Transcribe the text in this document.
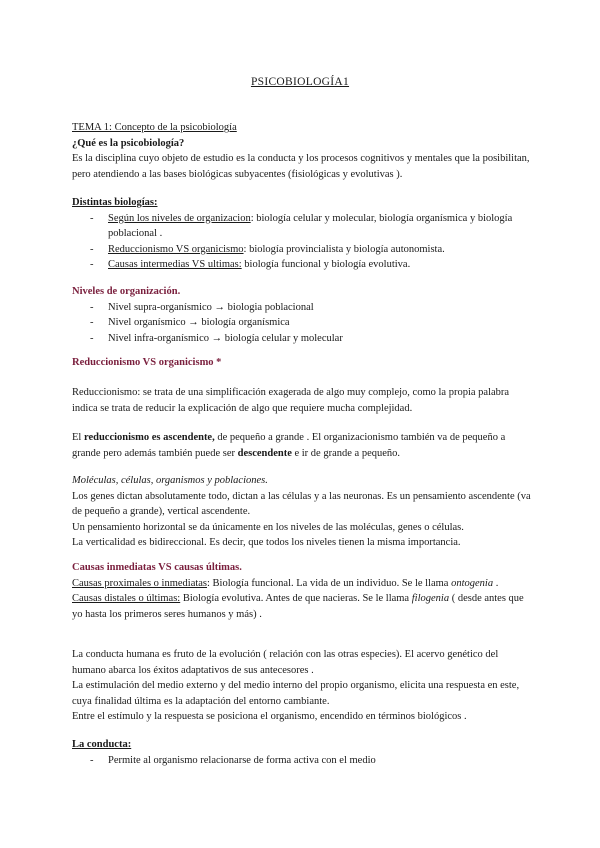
PSICOBIOLOGÍA1

TEMA 1: Concepto de la psicobiología

¿Qué es la psicobiología?

Es la disciplina cuyo objeto de estudio es la conducta y los procesos cognitivos y mentales que la posibilitan, pero atendiendo a las bases biológicas subyacentes (fisiológicas y evolutivas ).

Distintas biologías:

- Según los niveles de organizacion: biología celular y molecular, biología organísmica y biología poblacional .
- Reduccionismo VS organicismo: biología provincialista y biología autonomista.
- Causas intermedias VS ultimas: biología funcional y biología evolutiva.

Niveles de organización.

- Nivel supra-organísmico → biologia poblacional
- Nivel organísmico → biología organísmica
- Nivel infra-organísmico → biología celular y molecular

Reduccionismo VS organicismo *

Reduccionismo: se trata de una simplificación exagerada de algo muy complejo, como la propia palabra indica se trata de reducir la explicación de algo que requiere mucha complejidad.

El reduccionismo es ascendente, de pequeño a grande . El organizacionismo también va de pequeño a grande pero además también puede ser descendente e ir de grande a pequeño.

Moléculas, células, organismos y poblaciones.

Los genes dictan absolutamente todo, dictan a las células y a las neuronas. Es un pensamiento ascendente (va de pequeño a grande), vertical ascendente.

Un pensamiento horizontal se da únicamente en los niveles de las moléculas, genes o células.

La verticalidad es bidireccional. Es decir, que todos los niveles tienen la misma importancia.

Causas inmediatas VS causas últimas.

Causas proximales o inmediatas: Biología funcional. La vida de un individuo. Se le llama ontogenia .

Causas distales o últimas: Biología evolutiva. Antes de que nacieras. Se le llama filogenia ( desde antes que yo hasta los primeros seres humanos y más) .

La conducta humana es fruto de la evolución ( relación con las otras especies). El acervo genético del humano abarca los éxitos adaptativos de sus antecesores .

La estimulación del medio externo y del medio interno del propio organismo, elicita una respuesta en este, cuya finalidad última es la adaptación del entorno cambiante.

Entre el estímulo y la respuesta se posiciona el organismo, encendido en términos biológicos .

La conducta:

- Permite al organismo relacionarse de forma activa con el medio
